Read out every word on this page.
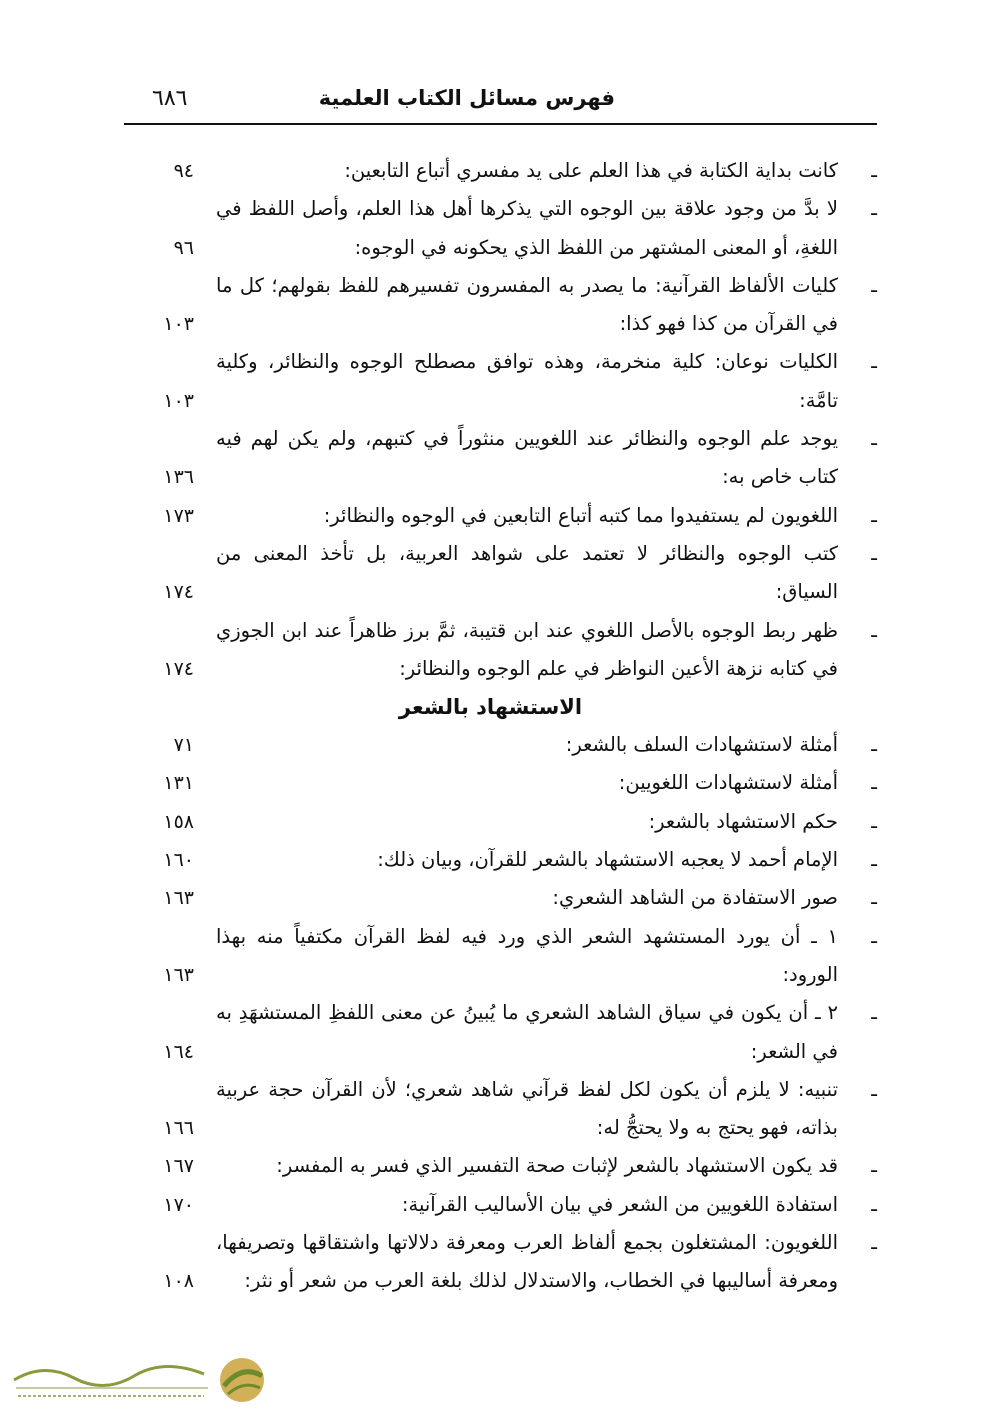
٦٨٦	فهرس مسائل الكتاب العلمية
ـ
كانت بداية الكتابة في هذا العلم على يد مفسري أتباع التابعين:
٩٤
ـ
لا بدَّ من وجود علاقة بين الوجوه التي يذكرها أهل هذا العلم، وأصل اللفظ في اللغةِ، أو المعنى المشتهر من اللفظ الذي يحكونه في الوجوه:
٩٦
ـ
كليات الألفاظ القرآنية: ما يصدر به المفسرون تفسيرهم للفظ بقولهم؛ كل ما في القرآن من كذا فهو كذا:
١٠٣
ـ
الكليات نوعان: كلية منخرمة، وهذه توافق مصطلح الوجوه والنظائر، وكلية تامَّة:
١٠٣
ـ
يوجد علم الوجوه والنظائر عند اللغويين منثوراً في كتبهم، ولم يكن لهم فيه كتاب خاص به:
١٣٦
ـ
اللغويون لم يستفيدوا مما كتبه أتباع التابعين في الوجوه والنظائر:
١٧٣
ـ
كتب الوجوه والنظائر لا تعتمد على شواهد العربية، بل تأخذ المعنى من السياق:
١٧٤
ـ
ظهر ربط الوجوه بالأصل اللغوي عند ابن قتيبة، ثمَّ برز ظاهراً عند ابن الجوزي في كتابه نزهة الأعين النواظر في علم الوجوه والنظائر:
١٧٤
الاستشهاد بالشعر
ـ
أمثلة لاستشهادات السلف بالشعر:
٧١
ـ
أمثلة لاستشهادات اللغويين:
١٣١
ـ
حكم الاستشهاد بالشعر:
١٥٨
ـ
الإمام أحمد لا يعجبه الاستشهاد بالشعر للقرآن، وبيان ذلك:
١٦٠
ـ
صور الاستفادة من الشاهد الشعري:
١٦٣
ـ
١ ـ أن يورد المستشهد الشعر الذي ورد فيه لفظ القرآن مكتفياً منه بهذا الورود:
١٦٣
ـ
٢ ـ أن يكون في سياق الشاهد الشعري ما يُبينُ عن معنى اللفظِ المستشهَدِ به في الشعر:
١٦٤
ـ
تنبيه: لا يلزم أن يكون لكل لفظ قرآني شاهد شعري؛ لأن القرآن حجة عربية بذاته، فهو يحتج به ولا يحتجُّ له:
١٦٦
ـ
قد يكون الاستشهاد بالشعر لإثبات صحة التفسير الذي فسر به المفسر:
١٦٧
ـ
استفادة اللغويين من الشعر في بيان الأساليب القرآنية:
١٧٠
ـ
اللغويون: المشتغلون بجمع ألفاظ العرب ومعرفة دلالاتها واشتقاقها وتصريفها، ومعرفة أساليبها في الخطاب، والاستدلال لذلك بلغة العرب من شعر أو نثر:
١٠٨
